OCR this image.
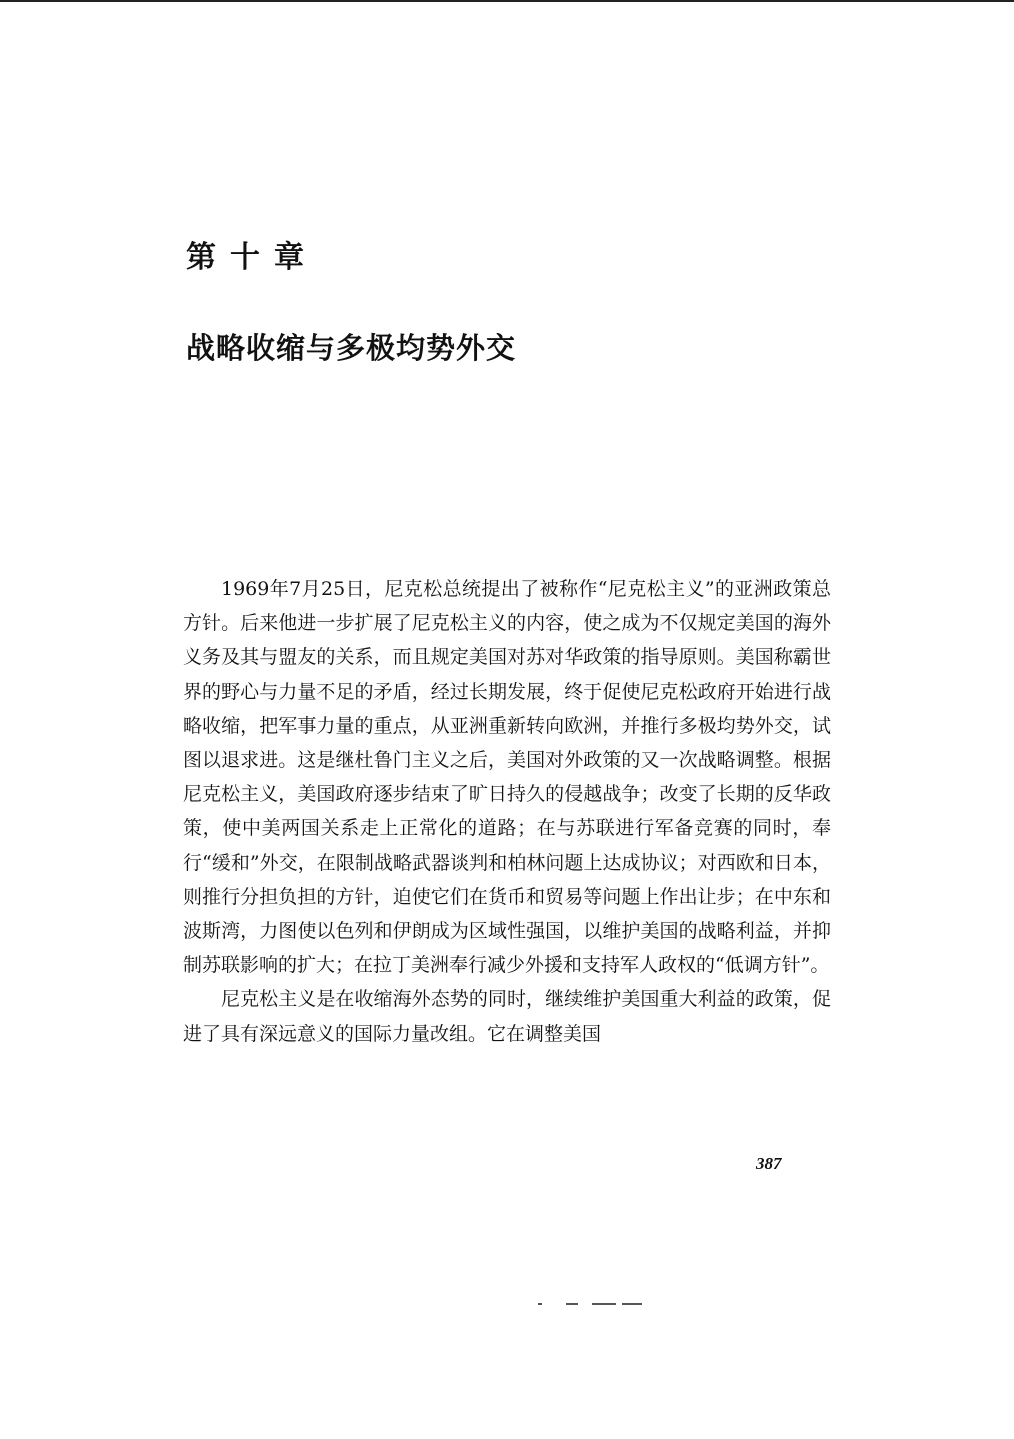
第十章
战略收缩与多极均势外交

1969年7月25日，尼克松总统提出了被称作“尼克松主义”的亚洲政策总方针。后来他进一步扩展了尼克松主义的内容，使之成为不仅规定美国的海外义务及其与盟友的关系，而且规定美国对苏对华政策的指导原则。美国称霸世界的野心与力量不足的矛盾，经过长期发展，终于促使尼克松政府开始进行战略收缩，把军事力量的重点，从亚洲重新转向欧洲，并推行多极均势外交，试图以退求进。这是继杜鲁门主义之后，美国对外政策的又一次战略调整。根据尼克松主义，美国政府逐步结束了旷日持久的侵越战争；改变了长期的反华政策，使中美两国关系走上正常化的道路；在与苏联进行军备竞赛的同时，奉行“缓和”外交，在限制战略武器谈判和柏林问题上达成协议；对西欧和日本，则推行分担负担的方针，迫使它们在货币和贸易等问题上作出让步；在中东和波斯湾，力图使以色列和伊朗成为区域性强国，以维护美国的战略利益，并抑制苏联影响的扩大；在拉丁美洲奉行减少外援和支持军人政权的“低调方针”。

尼克松主义是在收缩海外态势的同时，继续维护美国重大利益的政策，促进了具有深远意义的国际力量改组。它在调整美国

387
